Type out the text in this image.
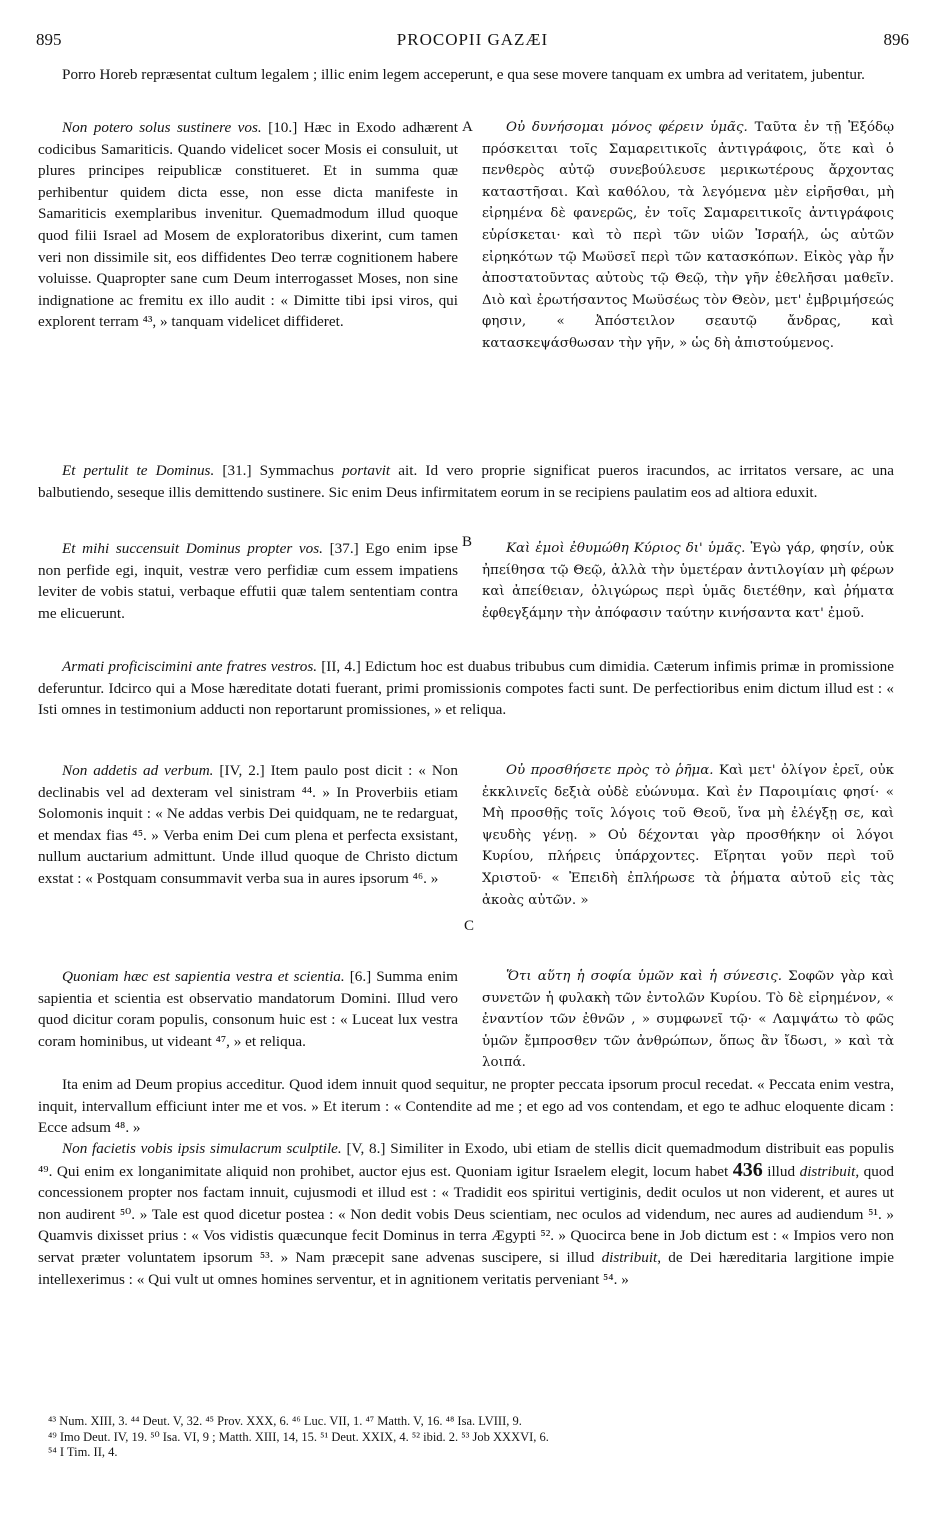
895	PROCOPII GAZÆI	896
Porro Horeb repræsentat cultum legalem ; illic enim legem acceperunt, e qua sese movere tanquam ex umbra ad veritatem, jubentur.
Non potero solus sustinere vos. [10.] Hæc in Exodo adhærent codicibus Samariticis. Quando videlicet socer Mosis ei consuluit, ut plures principes reipublicæ constitueret. Et in summa quæ perhibentur quidem dicta esse, non esse dicta manifeste in Samariticis exemplaribus invenitur. Quemadmodum illud quoque quod filii Israel ad Mosem de exploratoribus dixerint, cum tamen veri non dissimile sit, eos diffidentes Deo terræ cognitionem habere voluisse. Quapropter sane cum Deum interrogasset Moses, non sine indignatione ac fremitu ex illo audit : « Dimitte tibi ipsi viros, qui explorent terram ⁴³, » tanquam videlicet diffideret.
A	Οὐ δυνήσομαι μόνος φέρειν ὑμᾶς. Ταῦτα ἐν τῇ Ἐξόδῳ πρόσκειται τοῖς Σαμαρειτικοῖς ἀντιγράφοις, ὅτε καὶ ὁ πενθερὸς αὐτῷ συνεβούλευσε μερικωτέρους ἄρχοντας καταστῆσαι. Καὶ καθόλου, τὰ λεγόμενα μὲν εἰρῆσθαι, μὴ εἰρημένα δὲ φανερῶς, ἐν τοῖς Σαμαρειτικοῖς ἀντιγράφοις εὑρίσκεται· καὶ τὸ περὶ τῶν υἱῶν Ἰσραήλ, ὡς αὐτῶν εἰρηκότων τῷ Μωϋσεῖ περὶ τῶν κατασκόπων. Εἰκὸς γὰρ ἦν ἀποστατοῦντας αὐτοὺς τῷ Θεῷ, τὴν γῆν ἐθελῆσαι μαθεῖν. Διὸ καὶ ἐρωτήσαντος Μωϋσέως τὸν Θεὸν, μετ' ἐμβριμήσεώς φησιν, « Ἀπόστειλον σεαυτῷ ἄνδρας, καὶ κατασκεψάσθωσαν τὴν γῆν, » ὡς δὴ ἀπιστούμενος.
Et pertulit te Dominus. [31.] Symmachus portavit ait. Id vero proprie significat pueros iracundos, ac irritatos versare, ac una balbutiendo, seseque illis demittendo sustinere. Sic enim Deus infirmitatem eorum in se recipiens paulatim eos ad altiora eduxit.
Et mihi succensuit Dominus propter vos. [37.] Ego enim ipse non perfide egi, inquit, vestræ vero perfidiæ cum essem impatiens leviter de vobis statui, verbaque effutii quæ talem sententiam contra me elicuerunt.
B	Καὶ ἐμοὶ ἐθυμώθη Κύριος δι' ὑμᾶς. Ἐγὼ γάρ, φησίν, οὐκ ἠπείθησα τῷ Θεῷ, ἀλλὰ τὴν ὑμετέραν ἀντιλογίαν μὴ φέρων καὶ ἀπείθειαν, ὀλιγώρως περὶ ὑμᾶς διετέθην, καὶ ῥήματα ἐφθεγξάμην τὴν ἀπόφασιν ταύτην κινήσαντα κατ' ἐμοῦ.
Armati proficiscimini ante fratres vestros. [II, 4.] Edictum hoc est duabus tribubus cum dimidia. Cæterum infimis primæ in promissione deferuntur. Idcirco qui a Mose hæreditate dotati fuerant, primi promissionis compotes facti sunt. De perfectioribus enim dictum illud est : « Isti omnes in testimonium adducti non reportarunt promissiones, » et reliqua.
Non addetis ad verbum. [IV, 2.] Item paulo post dicit : « Non declinabis vel ad dexteram vel sinistram ⁴⁴. » In Proverbiis etiam Solomonis inquit : « Ne addas verbis Dei quidquam, ne te redarguat, et mendax fias ⁴⁵. » Verba enim Dei cum plena et perfecta exsistant, nullum auctarium admittunt. Unde illud quoque de Christo dictum exstat : « Postquam consummavit verba sua in aures ipsorum ⁴⁶. »
C
Οὐ προσθήσετε πρὸς τὸ ῥῆμα. Καὶ μετ' ὀλίγον ἐρεῖ, οὐκ ἐκκλινεῖς δεξιὰ οὐδὲ εὐώνυμα. Καὶ ἐν Παροιμίαις φησί· « Μὴ προσθῇς τοῖς λόγοις τοῦ Θεοῦ, ἵνα μὴ ἐλέγξῃ σε, καὶ ψευδὴς γένῃ. » Οὐ δέχονται γὰρ προσθήκην οἱ λόγοι Κυρίου, πλήρεις ὑπάρχοντες. Εἴρηται γοῦν περὶ τοῦ Χριστοῦ· « Ἐπειδὴ ἐπλήρωσε τὰ ῥήματα αὐτοῦ εἰς τὰς ἀκοὰς αὐτῶν. »
Quoniam hæc est sapientia vestra et scientia. [6.] Summa enim sapientia et scientia est observatio mandatorum Domini. Illud vero quod dicitur coram populis, consonum huic est : « Luceat lux vestra coram hominibus, ut videant ⁴⁷, » et reliqua.
Ὅτι αὕτη ἡ σοφία ὑμῶν καὶ ἡ σύνεσις. Σοφῶν γὰρ καὶ συνετῶν ἡ φυλακὴ τῶν ἐντολῶν Κυρίου. Τὸ δὲ εἰρημένον, « ἐναντίον τῶν ἐθνῶν , » συμφωνεῖ τῷ· « Λαμψάτω τὸ φῶς ὑμῶν ἔμπροσθεν τῶν ἀνθρώπων, ὅπως ἂν ἴδωσι, » καὶ τὰ λοιπά.
Ita enim ad Deum propius acceditur. Quod idem innuit quod sequitur, ne propter peccata ipsorum procul recedat. « Peccata enim vestra, inquit, intervallum efficiunt inter me et vos. » Et iterum : « Contendite ad me ; et ego ad vos contendam, et ego te adhuc eloquente dicam : Ecce adsum ⁴⁸. »
Non facietis vobis ipsis simulacrum sculptile. [V, 8.] Similiter in Exodo, ubi etiam de stellis dicit quemadmodum distribuit eas populis ⁴⁹. Qui enim ex longanimitate aliquid non prohibet, auctor ejus est. Quoniam igitur Israelem elegit, locum habet 436 illud distribuit, quod concessionem propter nos factam innuit, cujusmodi et illud est : « Tradidit eos spiritui vertiginis, dedit oculos ut non viderent, et aures ut non audirent ⁵⁰. » Tale est quod dicetur postea : « Non dedit vobis Deus scientiam, nec oculos ad videndum, nec aures ad audiendum ⁵¹. » Quamvis dixisset prius : « Vos vidistis quæcunque fecit Dominus in terra Ægypti ⁵². » Quocirca bene in Job dictum est : « Impios vero non servat præter voluntatem ipsorum ⁵³. » Nam præcepit sane advenas suscipere, si illud distribuit, de Dei hæreditaria largitione impie intellexerimus : « Qui vult ut omnes homines serventur, et in agnitionem veritatis perveniant ⁵⁴. »
⁴³ Num. XIII, 3. ⁴⁴ Deut. V, 32. ⁴⁵ Prov. XXX, 6. ⁴⁶ Luc. VII, 1. ⁴⁷ Matth. V, 16. ⁴⁸ Isa. LVIII, 9.
⁴⁹ Imo Deut. IV, 19. ⁵⁰ Isa. VI, 9 ; Matth. XIII, 14, 15. ⁵¹ Deut. XXIX, 4. ⁵² ibid. 2. ⁵³ Job XXXVI, 6.
⁵⁴ I Tim. II, 4.
